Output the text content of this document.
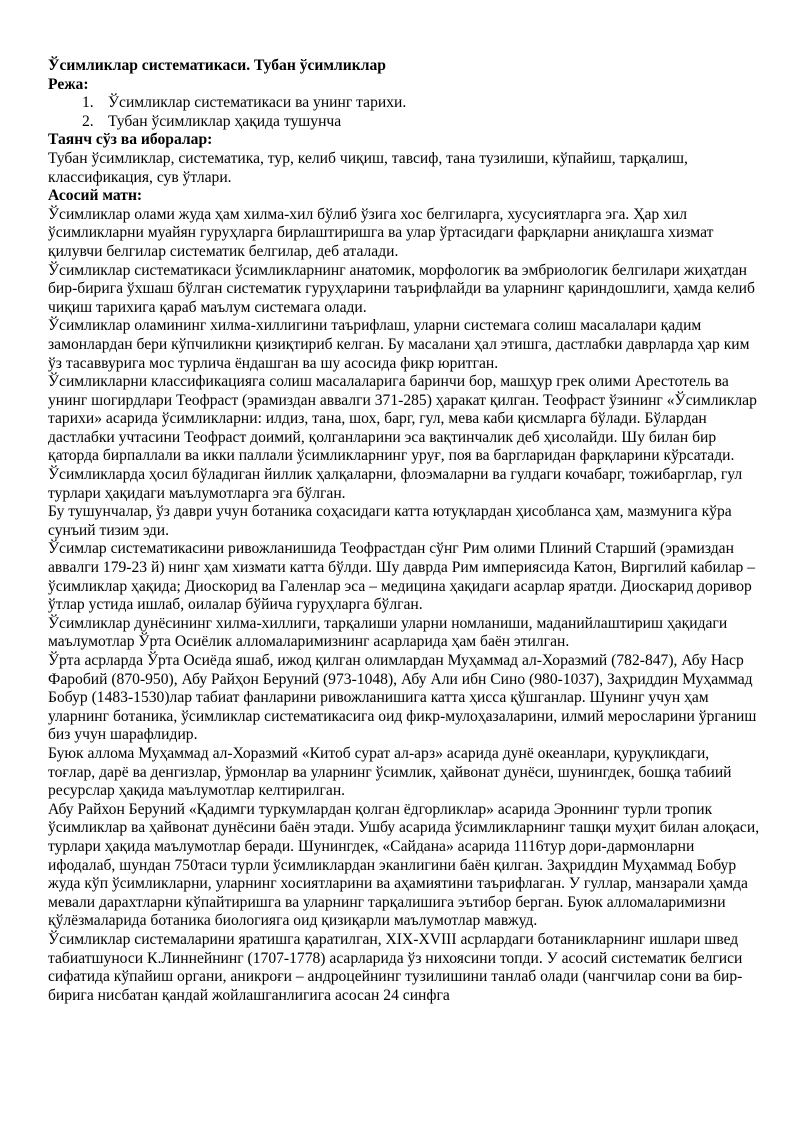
Ўсимликлар систематикаси. Тубан ўсимликлар

Режа:

1. Ўсимликлар систематикаси ва унинг тарихи.
2. Тубан ўсимликлар ҳақида тушунча

Таянч сўз ва иборалар:

Тубан ўсимликлар, систематика, тур, келиб чиқиш, тавсиф, тана тузилиши, кўпайиш, тарқалиш, классификация, сув ўтлари.

Асосий матн:

Ўсимликлар олами жуда ҳам хилма-хил бўлиб ўзига хос белгиларга, хусусиятларга эга. Ҳар хил ўсимликларни муайян гуруҳларга бирлаштиришга ва улар ўртасидаги фарқларни аниқлашга хизмат қилувчи белгилар систематик белгилар, деб аталади.

Ўсимликлар систематикаси ўсимликларнинг анатомик, морфологик ва эмбриологик белгилари жиҳатдан бир-бирига ўхшаш бўлган систематик гуруҳларини таърифлайди ва уларнинг қариндошлиги, ҳамда келиб чиқиш тарихига қараб маълум системага олади.

Ўсимликлар оламининг хилма-хиллигини таърифлаш, уларни системага солиш масалалари қадим замонлардан бери кўпчиликни қизиқтириб келган. Бу масалани ҳал этишга, дастлабки даврларда ҳар ким ўз тасаввурига мос турлича ёндашган ва шу асосида фикр юритган.

Ўсимликларни классификацияга солиш масалаларига баринчи бор, машҳур грек олими Арестотель ва унинг шогирдлари Теофраст (эрамиздан аввалги 371-285) ҳаракат қилган. Теофраст ўзининг «Ўсимликлар тарихи» асарида ўсимликларни: илдиз, тана, шох, барг, гул, мева каби қисмларга бўлади. Бўлардан дастлабки учтасини Теофраст доимий, қолганларини эса вақтинчалик деб ҳисолайди. Шу билан бир қаторда бирпаллали ва икки паллали ўсимликларнинг уруғ, поя ва баргларидан фарқларини кўрсатади. Ўсимликларда ҳосил бўладиган йиллик ҳалқаларни, флоэмаларни ва гулдаги кочабарг, тожибарглар, гул турлари ҳақидаги маълумотларга эга бўлган.

Бу тушунчалар, ўз даври учун ботаника соҳасидаги катта ютуқлардан ҳисобланса ҳам, мазмунига кўра сунъий тизим эди.

Ўсимлар систематикасини ривожланишида Теофрастдан сўнг Рим олими Плиний Старший (эрамиздан аввалги 179-23 й) нинг ҳам хизмати катта бўлди. Шу даврда Рим империясида Катон, Виргилий кабилар – ўсимликлар ҳақида; Диоскорид ва Галенлар эса – медицина ҳақидаги асарлар яратди. Диоскарид доривор ўтлар устида ишлаб, оилалар бўйича гуруҳларга бўлган.

Ўсимликлар дунёсининг хилма-хиллиги, тарқалиши уларни номланиши, маданийлаштириш ҳақидаги маълумотлар Ўрта Осиёлик алломаларимизнинг асарларида ҳам баён этилган.

Ўрта асрларда Ўрта Осиёда яшаб, ижод қилган олимлардан Муҳаммад ал-Хоразмий (782-847), Абу Наср Фаробий (870-950), Абу Райҳон Беруний (973-1048), Абу Али ибн Сино (980-1037), Заҳриддин Муҳаммад Бобур (1483-1530)лар табиат фанларини ривожланишига катта ҳисса қўшганлар. Шунинг учун ҳам уларнинг ботаника, ўсимликлар систематикасига оид фикр-мулоҳазаларини, илмий меросларини ўрганиш биз учун шарафлидир.

Буюк аллома Муҳаммад ал-Хоразмий «Китоб сурат ал-арз» асарида дунё океанлари, қуруқликдаги, тоғлар, дарё ва денгизлар, ўрмонлар ва уларнинг ўсимлик, ҳайвонат дунёси, шунингдек, бошқа табиий ресурслар ҳақида маълумотлар келтирилган.

Абу Райхон Беруний «Қадимги туркумлардан қолган ёдгорликлар» асарида Эроннинг турли тропик ўсимликлар ва ҳайвонат дунёсини баён этади. Ушбу асарида ўсимликларнинг ташқи муҳит билан алоқаси, турлари ҳақида маълумотлар беради. Шунингдек, «Сайдана» асарида 1116тур дори-дармонларни ифодалаб, шундан 750таси турли ўсимликлардан эканлигини баён қилган. Заҳриддин Муҳаммад Бобур жуда кўп ўсимликларни, уларнинг хосиятларини ва аҳамиятини таърифлаган. У гуллар, манзарали ҳамда мевали дарахтларни кўпайтиришга ва уларнинг тарқалишига эътибор берган. Буюк алломаларимизни қўлёзмаларида ботаника биологияга оид қизиқарли маълумотлар мавжуд.

Ўсимликлар системаларини яратишга қаратилган, XIX-XVIII асрлардаги ботаникларнинг ишлари швед табиатшуноси К.Линнейнинг (1707-1778) асарларида ўз нихоясини топди. У асосий систематик белгиси сифатида кўпайиш органи, аникроғи – андроцейнинг тузилишини танлаб олади (чангчилар сони ва бир-бирига нисбатан қандай жойлашганлигига асосан 24 синфга
